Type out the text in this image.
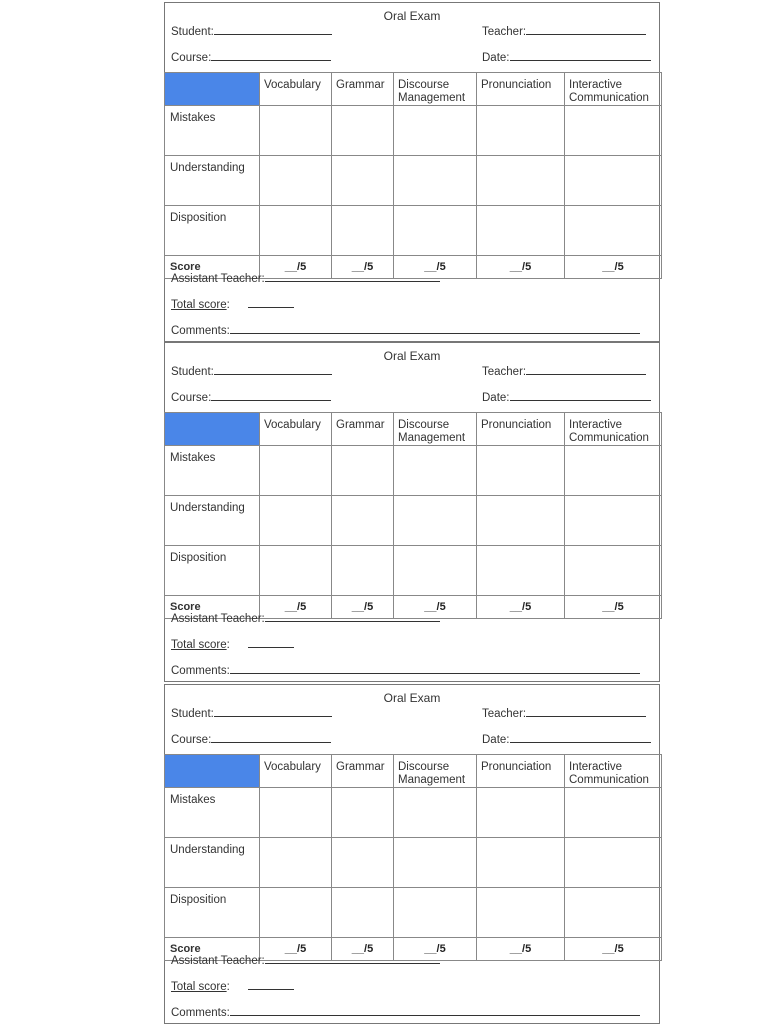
Oral Exam
Student:	Teacher:
Course:	Date:
	Vocabulary	Grammar	Discourse Management	Pronunciation	Interactive Communication
Mistakes					
Understanding					
Disposition					
Score	__/5	__/5	__/5	__/5	__/5
Assistant Teacher:
Total score:
Comments:
Oral Exam
Student:	Teacher:
Course:	Date:
	Vocabulary	Grammar	Discourse Management	Pronunciation	Interactive Communication
Mistakes					
Understanding					
Disposition					
Score	__/5	__/5	__/5	__/5	__/5
Assistant Teacher:
Total score:
Comments:
Oral Exam
Student:	Teacher:
Course:	Date:
	Vocabulary	Grammar	Discourse Management	Pronunciation	Interactive Communication
Mistakes					
Understanding					
Disposition					
Score	__/5	__/5	__/5	__/5	__/5
Assistant Teacher:
Total score:
Comments:
